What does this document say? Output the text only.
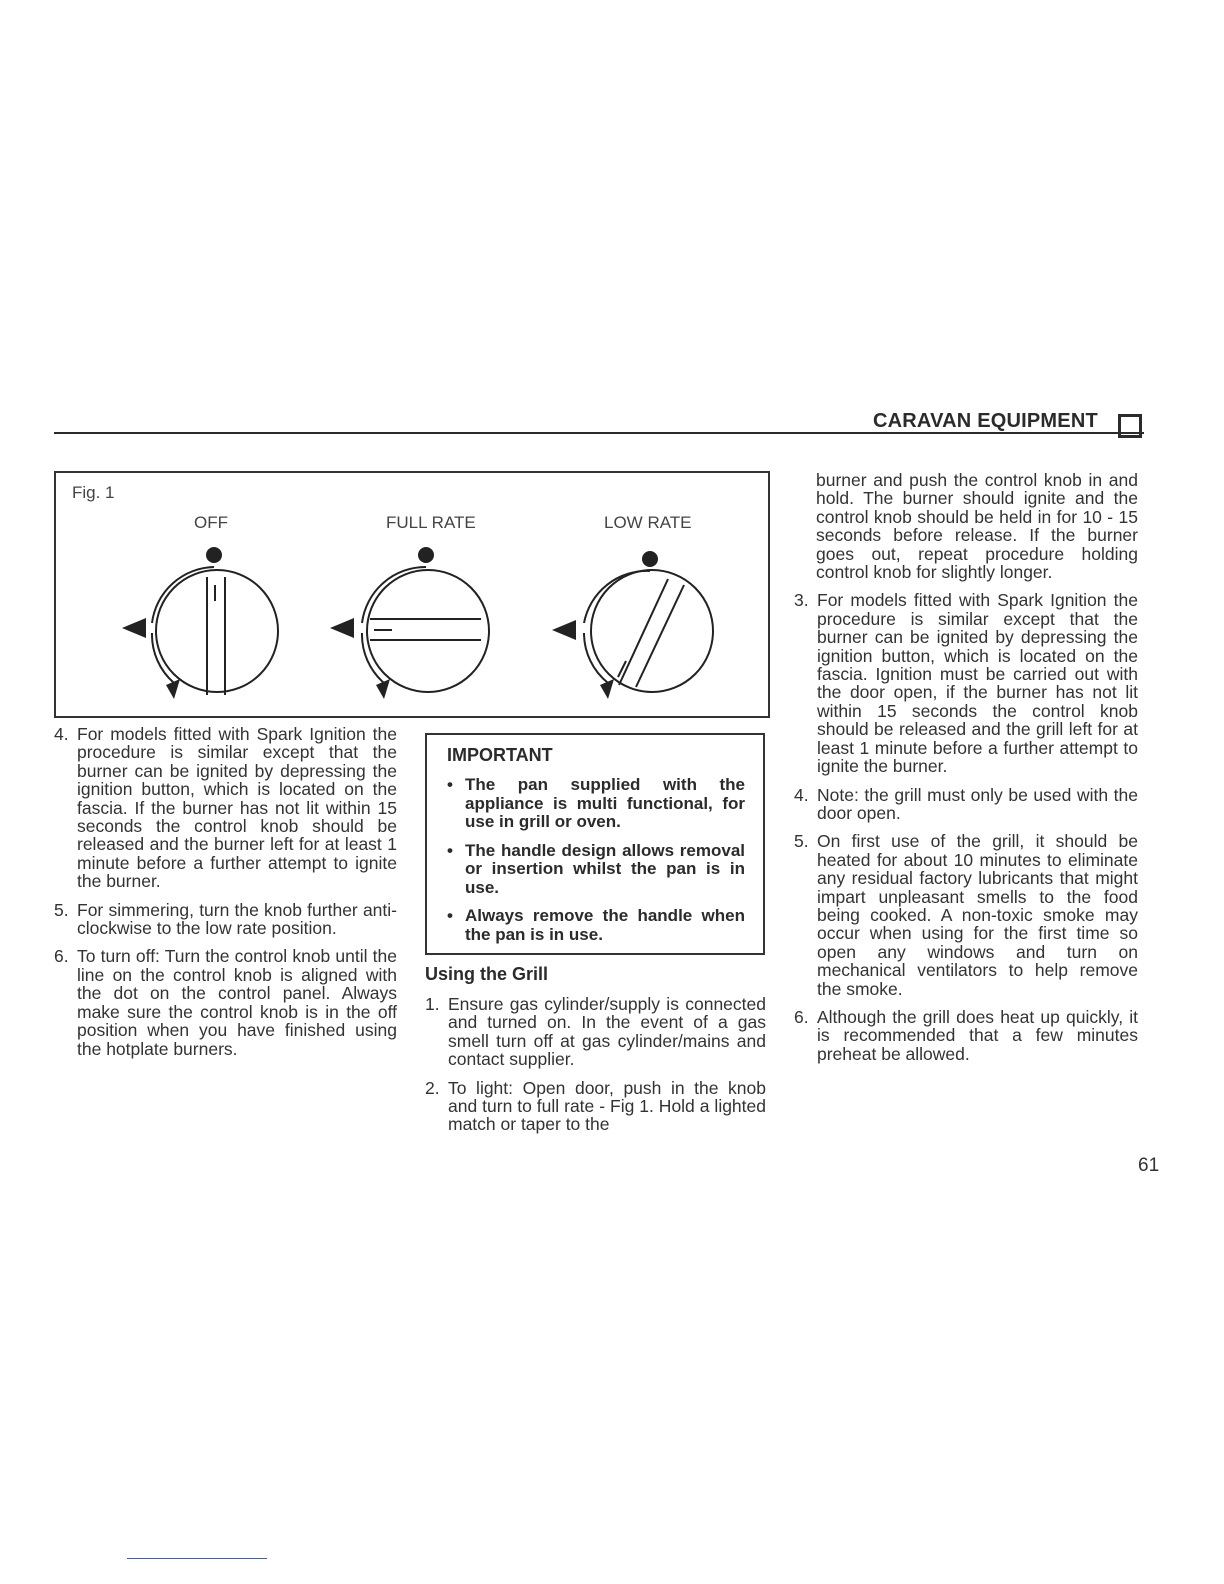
CARAVAN EQUIPMENT
Fig. 1
OFF	FULL RATE	LOW RATE
4. For models fitted with Spark Ignition the procedure is similar except that the burner can be ignited by depressing the ignition button, which is located on the fascia. If the burner has not lit within 15 seconds the control knob should be released and the burner left for at least 1 minute before a further attempt to ignite the burner.
5. For simmering, turn the knob further anti-clockwise to the low rate position.
6. To turn off: Turn the control knob until the line on the control knob is aligned with the dot on the control panel. Always make sure the control knob is in the off position when you have finished using the hotplate burners.
IMPORTANT
• The pan supplied with the appliance is multi functional, for use in grill or oven.
• The handle design allows removal or insertion whilst the pan is in use.
• Always remove the handle when the pan is in use.
Using the Grill
1. Ensure gas cylinder/supply is connected and turned on. In the event of a gas smell turn off at gas cylinder/mains and contact supplier.
2. To light: Open door, push in the knob and turn to full rate - Fig 1. Hold a lighted match or taper to the

burner and push the control knob in and hold. The burner should ignite and the control knob should be held in for 10 - 15 seconds before release. If the burner goes out, repeat procedure holding control knob for slightly longer.

3. For models fitted with Spark Ignition the procedure is similar except that the burner can be ignited by depressing the ignition button, which is located on the fascia. Ignition must be carried out with the door open, if the burner has not lit within 15 seconds the control knob should be released and the grill left for at least 1 minute before a further attempt to ignite the burner.
4. Note: the grill must only be used with the door open.
5. On first use of the grill, it should be heated for about 10 minutes to eliminate any residual factory lubricants that might impart unpleasant smells to the food being cooked. A non-toxic smoke may occur when using for the first time so open any windows and turn on mechanical ventilators to help remove the smoke.
6. Although the grill does heat up quickly, it is recommended that a few minutes preheat be allowed.
61
